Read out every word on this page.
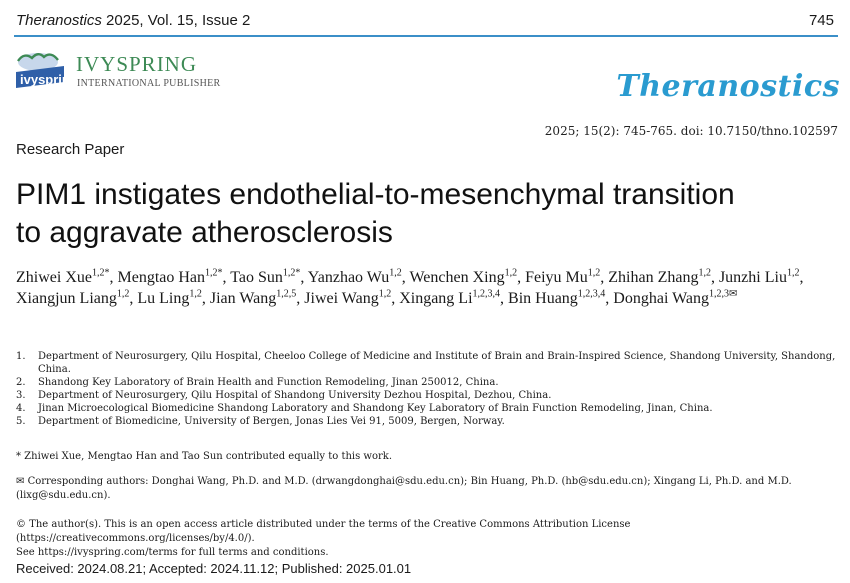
Theranostics 2025, Vol. 15, Issue 2	745
ivyspring
IVYSPRING
INTERNATIONAL PUBLISHER	Theranostics
2025; 15(2): 745-765. doi: 10.7150/thno.102597
Research Paper
PIM1 instigates endothelial-to-mesenchymal transition
to aggravate atherosclerosis
Zhiwei Xue$^{1,2*}$, Mengtao Han$^{1,2*}$, Tao Sun$^{1,2*}$, Yanzhao Wu$^{1,2}$, Wenchen Xing$^{1,2}$, Feiyu Mu$^{1,2}$, Zhihan Zhang$^{1,2}$, Junzhi Liu$^{1,2}$, Xiangjun Liang$^{1,2}$, Lu Ling$^{1,2}$, Jian Wang$^{1,2,5}$, Jiwei Wang$^{1,2}$, Xingang Li$^{1,2,3,4}$, Bin Huang$^{1,2,3,4}$, Donghai Wang$^{1,2,3✉}$
1. Department of Neurosurgery, Qilu Hospital, Cheeloo College of Medicine and Institute of Brain and Brain-Inspired Science, Shandong University, Shandong, China.
2. Shandong Key Laboratory of Brain Health and Function Remodeling, Jinan 250012, China.
3. Department of Neurosurgery, Qilu Hospital of Shandong University Dezhou Hospital, Dezhou, China.
4. Jinan Microecological Biomedicine Shandong Laboratory and Shandong Key Laboratory of Brain Function Remodeling, Jinan, China.
5. Department of Biomedicine, University of Bergen, Jonas Lies Vei 91, 5009, Bergen, Norway.
* Zhiwei Xue, Mengtao Han and Tao Sun contributed equally to this work.
✉ Corresponding authors: Donghai Wang, Ph.D. and M.D. (drwangdonghai@sdu.edu.cn); Bin Huang, Ph.D. (hb@sdu.edu.cn); Xingang Li, Ph.D. and M.D. (lixg@sdu.edu.cn).
© The author(s). This is an open access article distributed under the terms of the Creative Commons Attribution License (https://creativecommons.org/licenses/by/4.0/).
See https://ivyspring.com/terms for full terms and conditions.
Received: 2024.08.21; Accepted: 2024.11.12; Published: 2025.01.01
